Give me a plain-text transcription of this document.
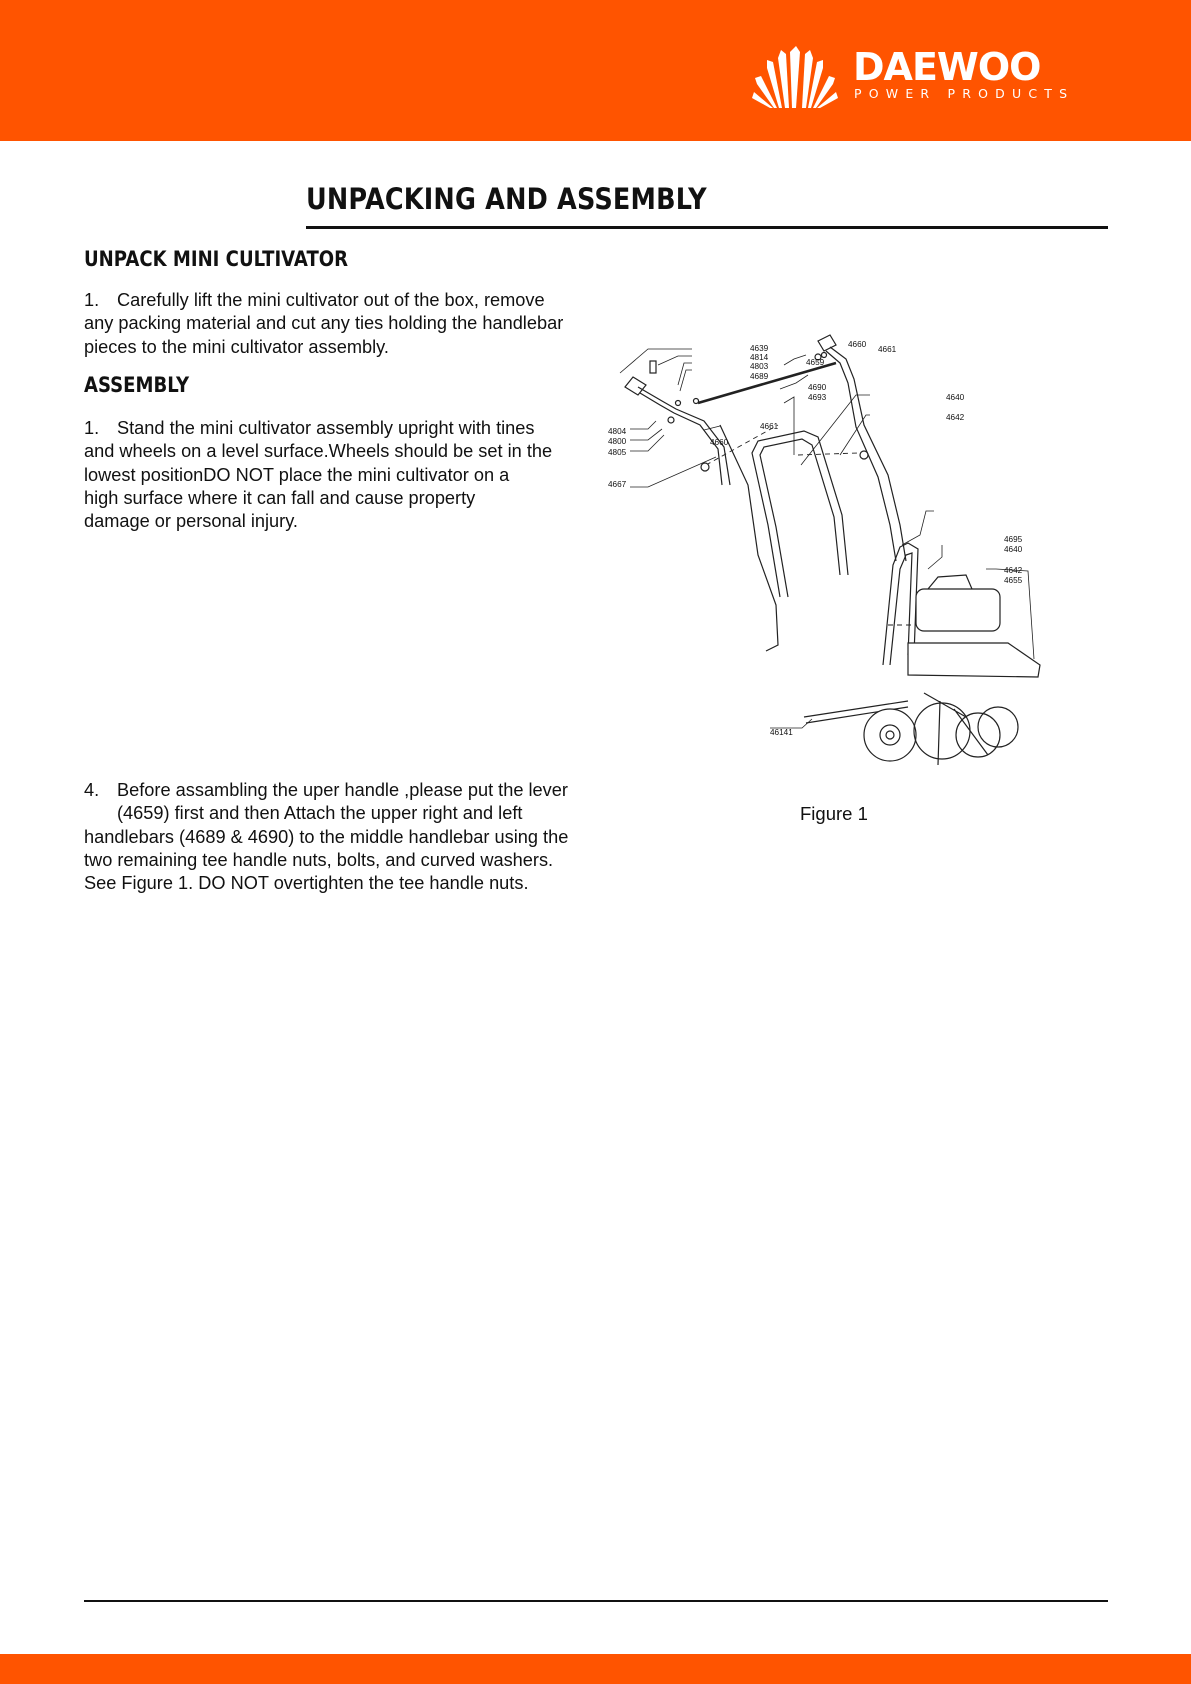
DAEWOO
POWER PRODUCTS
UNPACKING AND ASSEMBLY
UNPACK MINI CULTIVATOR
1. Carefully lift the mini cultivator out of the box, remove
any packing material and cut any ties holding the handlebar
pieces to the mini cultivator assembly.
ASSEMBLY
1. Stand the mini cultivator assembly upright with tines
and wheels on a level surface.Wheels should be set in the
lowest positionDO NOT place the mini cultivator on a
high surface where it can fall and cause property
damage or personal injury.
4. Before assambling the uper handle ,please put the lever
(4659) first and then Attach the upper right and left
handlebars (4689 & 4690) to the middle handlebar using the
two remaining tee handle nuts, bolts, and curved washers.
See Figure 1. DO NOT overtighten the tee handle nuts.
4639
4814
4803
4689
4659
4660
4661
4690
4693	4640
4642
4804
4800
4805
4660
4661
4667
4695
4640
4642
4655
46141
Figure 1
